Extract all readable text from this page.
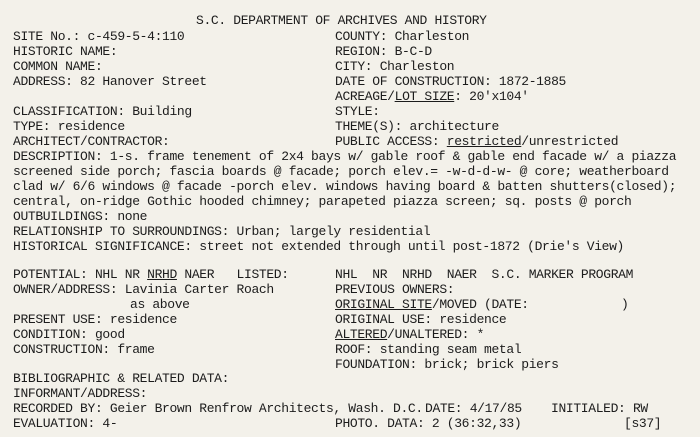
S.C. DEPARTMENT OF ARCHIVES AND HISTORY
SITE No.: c-459-5-4:110	COUNTY: Charleston
HISTORIC NAME:	REGION: B-C-D
COMMON NAME:	CITY: Charleston
ADDRESS: 82 Hanover Street	DATE OF CONSTRUCTION: 1872-1885
ACREAGE/LOT SIZE: 20'x104'
CLASSIFICATION: Building	STYLE:
TYPE: residence	THEME(S): architecture
ARCHITECT/CONTRACTOR:	PUBLIC ACCESS: restricted/unrestricted
DESCRIPTION: 1-s. frame tenement of 2x4 bays w/ gable roof & gable end facade w/ a piazza
screened side porch; fascia boards @ facade; porch elev.= -w-d-d-w- @ core; weatherboard
clad w/ 6/6 windows @ facade -porch elev. windows having board & batten shutters(closed);
central, on-ridge Gothic hooded chimney; parapeted piazza screen; sq. posts @ porch
OUTBUILDINGS: none
RELATIONSHIP TO SURROUNDINGS: Urban; largely residential
HISTORICAL SIGNIFICANCE: street not extended through until post-1872 (Drie's View)
POTENTIAL: NHL NR NRHD NAER   LISTED:	NHL  NR  NRHD  NAER  S.C. MARKER PROGRAM
OWNER/ADDRESS: Lavinia Carter Roach	PREVIOUS OWNERS:
as above	ORIGINAL SITE/MOVED (DATE:	)
PRESENT USE: residence	ORIGINAL USE: residence
CONDITION: good	ALTERED/UNALTERED: *
CONSTRUCTION: frame	ROOF: standing seam metal
FOUNDATION: brick; brick piers
BIBLIOGRAPHIC & RELATED DATA:
INFORMANT/ADDRESS:
RECORDED BY: Geier Brown Renfrow Architects, Wash. D.C. DATE: 4/17/85 INITIALED: RW
EVALUATION: 4-	PHOTO. DATA: 2 (36:32,33)	[s37]
